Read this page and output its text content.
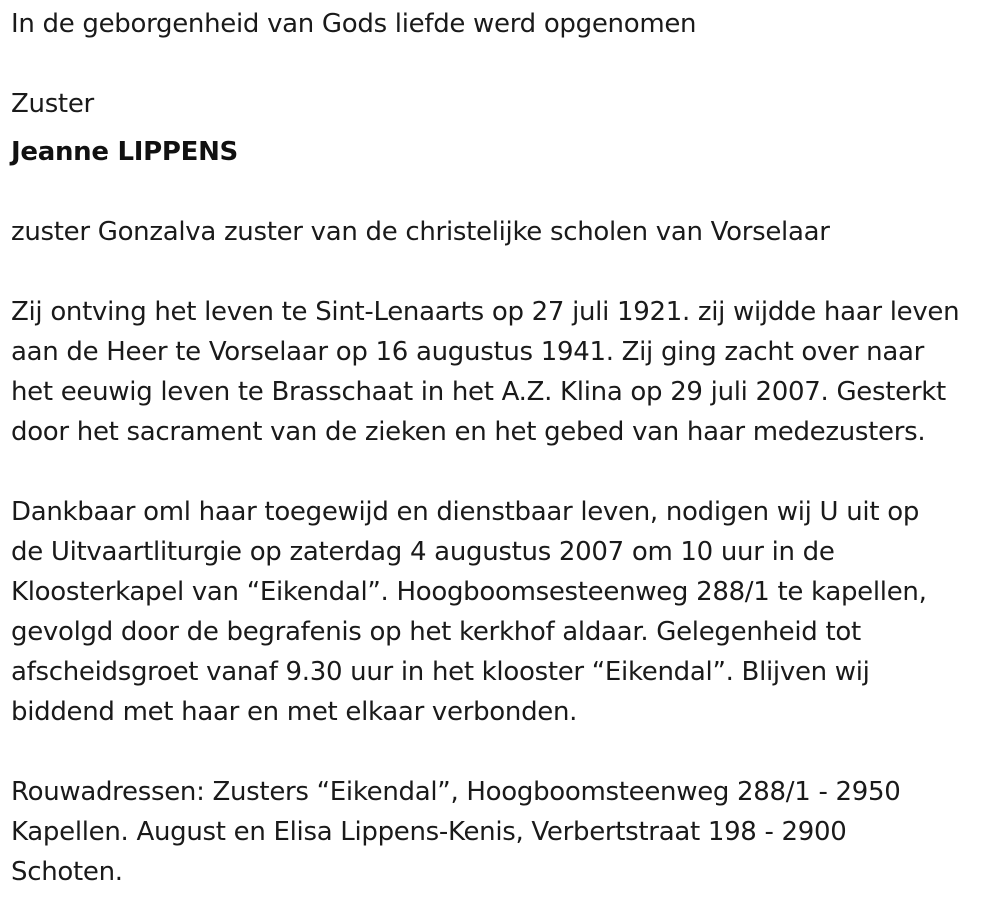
In de geborgenheid van Gods liefde werd opgenomen
Zuster
Jeanne LIPPENS
zuster Gonzalva zuster van de christelijke scholen van Vorselaar
Zij ontving het leven te Sint-Lenaarts op 27 juli 1921. zij wijdde haar leven
aan de Heer te Vorselaar op 16 augustus 1941. Zij ging zacht over naar
het eeuwig leven te Brasschaat in het A.Z. Klina op 29 juli 2007. Gesterkt
door het sacrament van de zieken en het gebed van haar medezusters.
Dankbaar oml haar toegewijd en dienstbaar leven, nodigen wij U uit op
de Uitvaartliturgie op zaterdag 4 augustus 2007 om 10 uur in de
Kloosterkapel van “Eikendal”. Hoogboomsesteenweg 288/1 te kapellen,
gevolgd door de begrafenis op het kerkhof aldaar. Gelegenheid tot
afscheidsgroet vanaf 9.30 uur in het klooster “Eikendal”. Blijven wij
biddend met haar en met elkaar verbonden.
Rouwadressen: Zusters “Eikendal”, Hoogboomsteenweg 288/1 - 2950
Kapellen. August en Elisa Lippens-Kenis, Verbertstraat 198 - 2900
Schoten.
